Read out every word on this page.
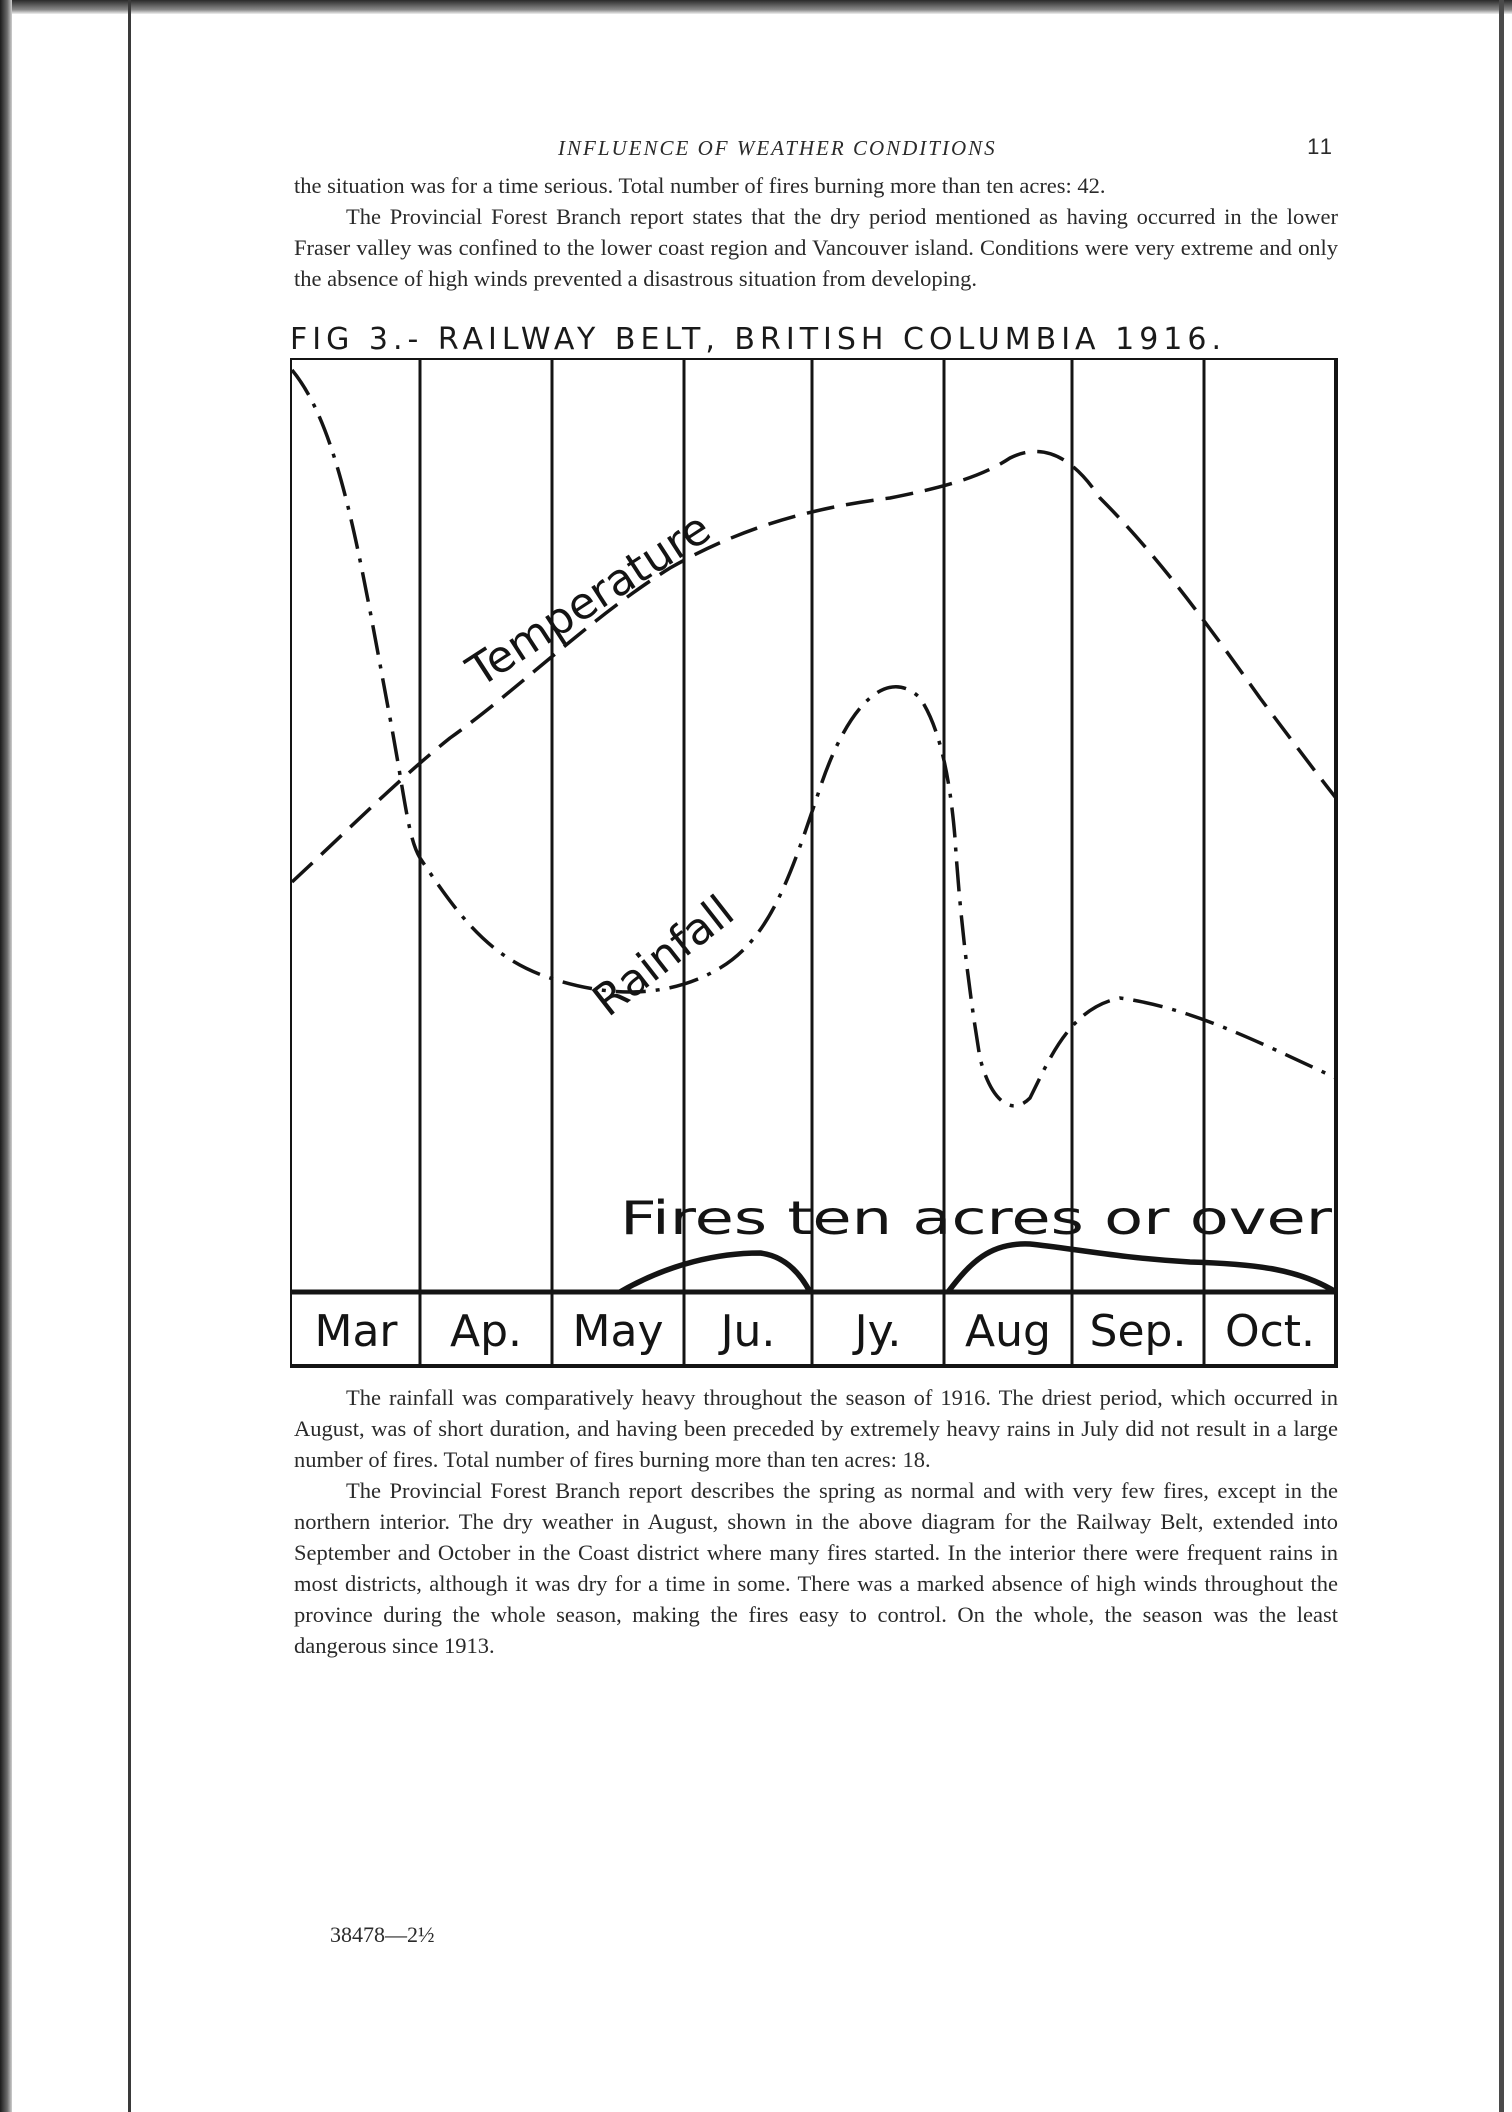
INFLUENCE OF WEATHER CONDITIONS	11

the situation was for a time serious. Total number of fires burning more than ten acres: 42.

The Provincial Forest Branch report states that the dry period mentioned as having occurred in the lower Fraser valley was confined to the lower coast region and Vancouver island. Conditions were very extreme and only the absence of high winds prevented a disastrous situation from developing.

FIG 3.- RAILWAY BELT, BRITISH COLUMBIA 1916.
Temperature
Rainfall
Fires ten acres or over
Mar Ap. May Ju. Jy. Aug Sep. Oct.

The rainfall was comparatively heavy throughout the season of 1916. The driest period, which occurred in August, was of short duration, and having been preceded by extremely heavy rains in July did not result in a large number of fires. Total number of fires burning more than ten acres: 18.

The Provincial Forest Branch report describes the spring as normal and with very few fires, except in the northern interior. The dry weather in August, shown in the above diagram for the Railway Belt, extended into September and October in the Coast district where many fires started. In the interior there were frequent rains in most districts, although it was dry for a time in some. There was a marked absence of high winds throughout the province during the whole season, making the fires easy to control. On the whole, the season was the least dangerous since 1913.

38478—2½
